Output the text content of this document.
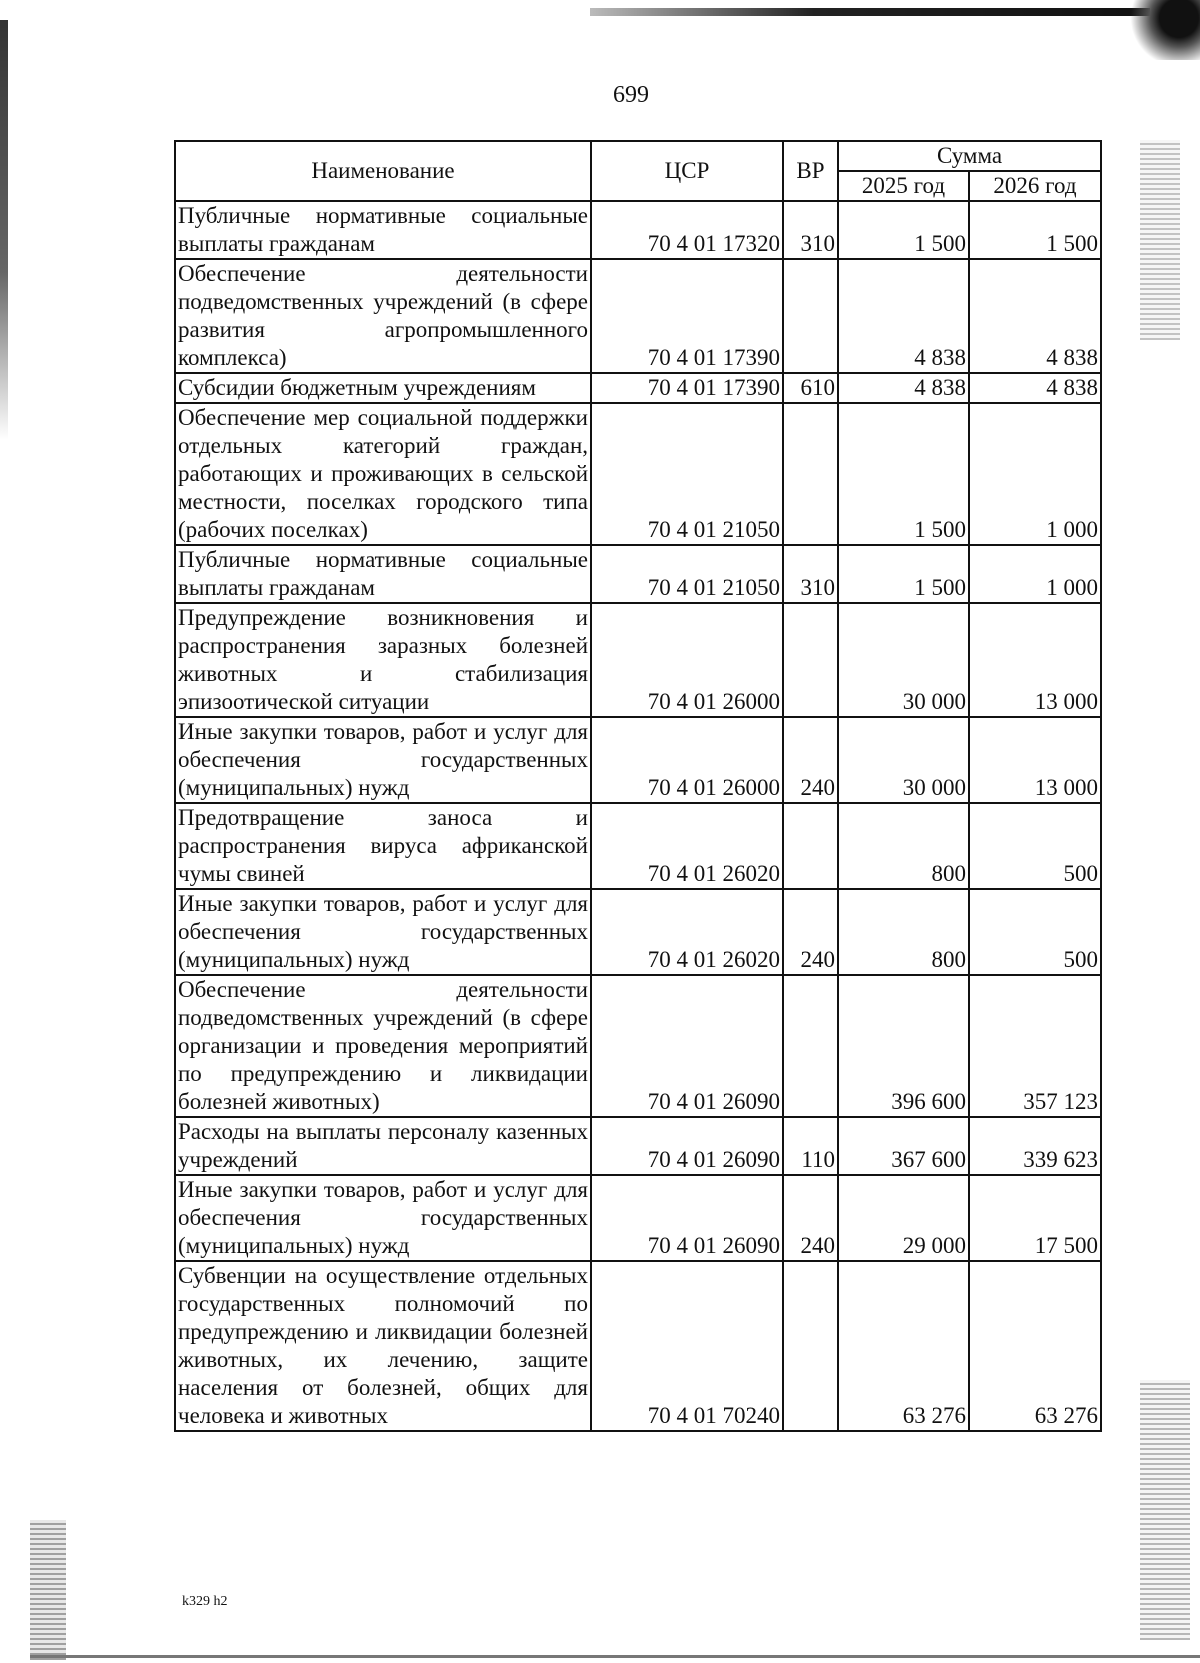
699
Наименование	ЦСР	ВР	Сумма	
			2025 год	2026 год
Публичные нормативные социальные выплаты гражданам	70 4 01 17320	310	1 500	1 500
Обеспечение деятельности подведомственных учреждений (в сфере развития агропромышленного комплекса)	70 4 01 17390		4 838	4 838
Субсидии бюджетным учреждениям	70 4 01 17390	610	4 838	4 838
Обеспечение мер социальной поддержки отдельных категорий граждан, работающих и проживающих в сельской местности, поселках городского типа (рабочих поселках)	70 4 01 21050		1 500	1 000
Публичные нормативные социальные выплаты гражданам	70 4 01 21050	310	1 500	1 000
Предупреждение возникновения и распространения заразных болезней животных и стабилизация эпизоотической ситуации	70 4 01 26000		30 000	13 000
Иные закупки товаров, работ и услуг для обеспечения государственных (муниципальных) нужд	70 4 01 26000	240	30 000	13 000
Предотвращение заноса и распространения вируса африканской чумы свиней	70 4 01 26020		800	500
Иные закупки товаров, работ и услуг для обеспечения государственных (муниципальных) нужд	70 4 01 26020	240	800	500
Обеспечение деятельности подведомственных учреждений (в сфере организации и проведения мероприятий по предупреждению и ликвидации болезней животных)	70 4 01 26090		396 600	357 123
Расходы на выплаты персоналу казенных учреждений	70 4 01 26090	110	367 600	339 623
Иные закупки товаров, работ и услуг для обеспечения государственных (муниципальных) нужд	70 4 01 26090	240	29 000	17 500
Субвенции на осуществление отдельных государственных полномочий по предупреждению и ликвидации болезней животных, их лечению, защите населения от болезней, общих для человека и животных	70 4 01 70240		63 276	63 276
k329 h2
